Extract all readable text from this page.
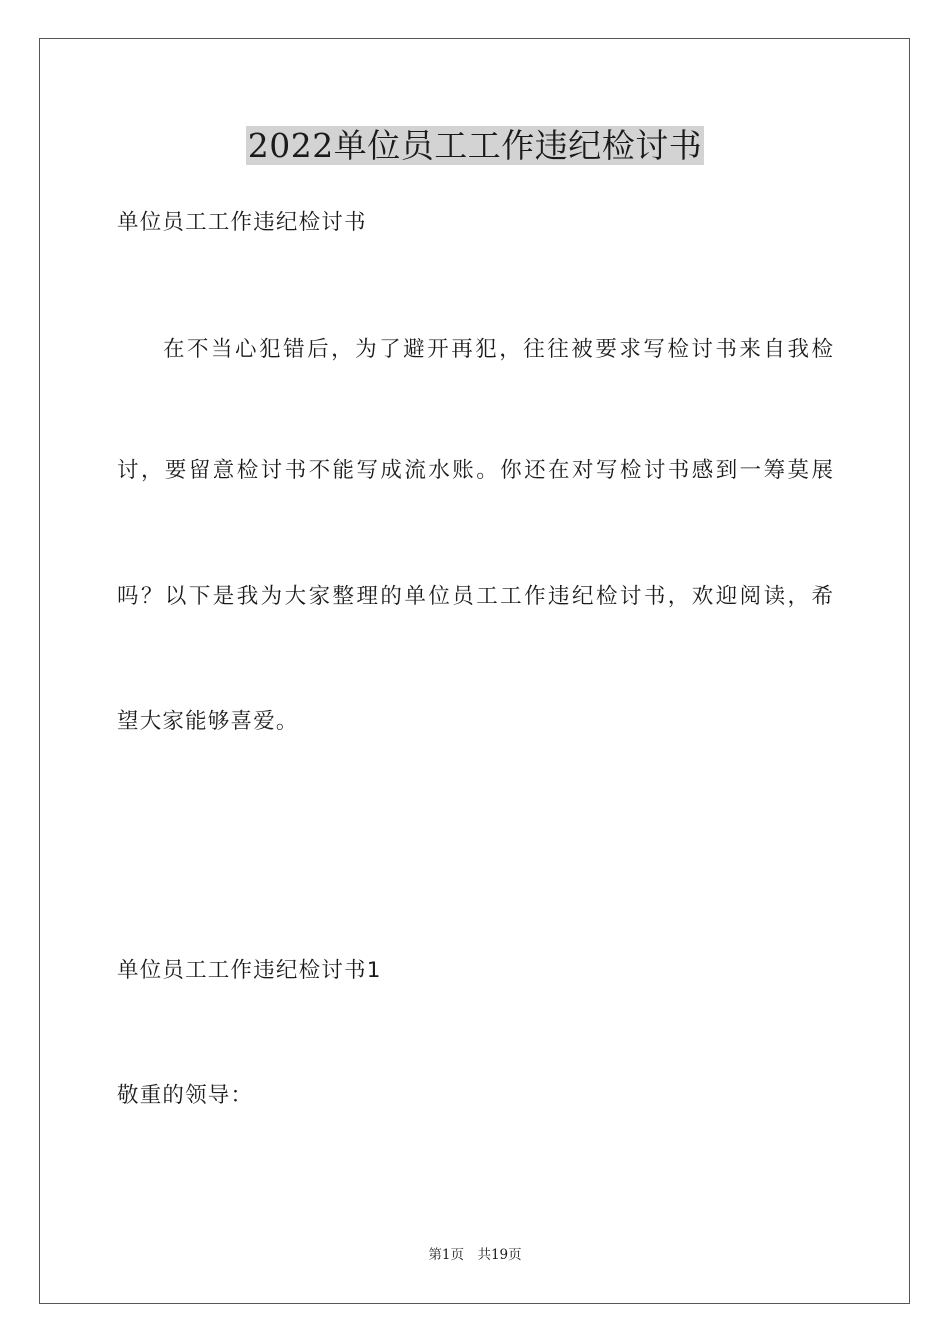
2022单位员工工作违纪检讨书
单位员工工作违纪检讨书
在不当心犯错后，为了避开再犯，往往被要求写检讨书来自我检
讨，要留意检讨书不能写成流水账。你还在对写检讨书感到一筹莫展
吗？以下是我为大家整理的单位员工工作违纪检讨书，欢迎阅读，希
望大家能够喜爱。
单位员工工作违纪检讨书1
敬重的领导：
第1页　共19页
